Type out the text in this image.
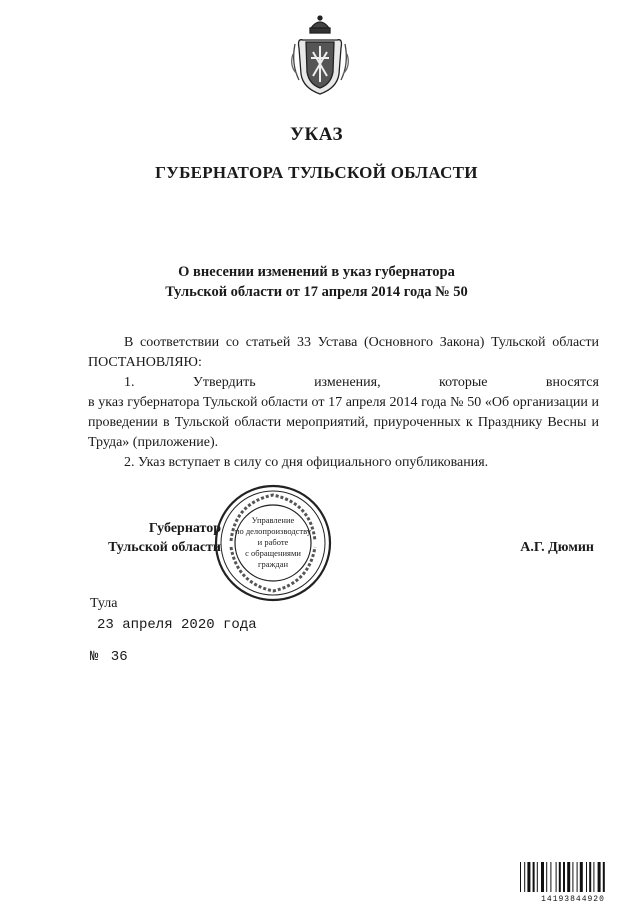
УКАЗ
ГУБЕРНАТОРА ТУЛЬСКОЙ ОБЛАСТИ
О внесении изменений в указ губернатора
Тульской области от 17 апреля 2014 года № 50

В соответствии со статьей 33 Устава (Основного Закона) Тульской области ПОСТАНОВЛЯЮ:

1.	Утвердить	изменения,	которые	вносятся
в указ губернатора Тульской области от 17 апреля 2014 года № 50 «Об организации и проведении в Тульской области мероприятий, приуроченных к Празднику Весны и Труда» (приложение).

2. Указ вступает в силу со дня официального опубликования.

Губернатор
Тульской области
Управление
по делопроизводству
и работе
с обращениями
граждан
А.Г. Дюмин
Тула
23 апреля 2020 года
№ 36
14193844920
